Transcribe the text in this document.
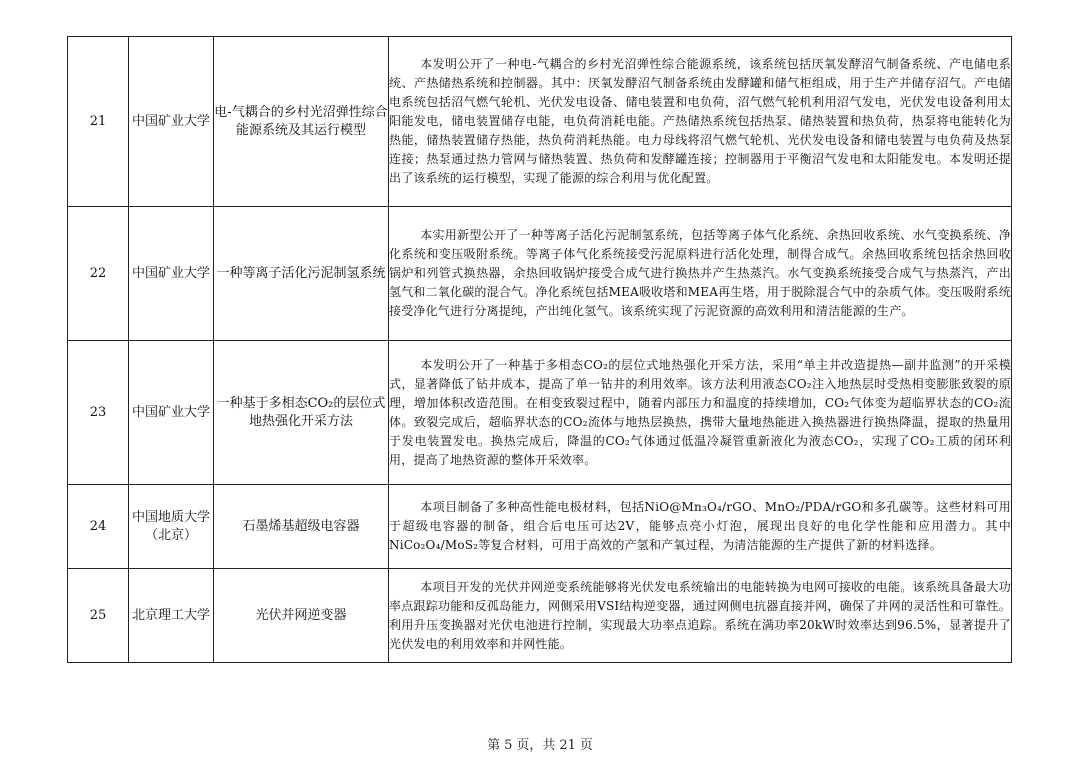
21	中国矿业大学	电-气耦合的乡村光沼弹性综合能源系统及其运行模型	本发明公开了一种电-气耦合的乡村光沼弹性综合能源系统，该系统包括厌氧发酵沼气制备系统、产电储电系统、产热储热系统和控制器。其中：厌氧发酵沼气制备系统由发酵罐和储气柜组成，用于生产并储存沼气。产电储电系统包括沼气燃气轮机、光伏发电设备、储电装置和电负荷，沼气燃气轮机利用沼气发电，光伏发电设备利用太阳能发电，储电装置储存电能，电负荷消耗电能。产热储热系统包括热泵、储热装置和热负荷，热泵将电能转化为热能，储热装置储存热能，热负荷消耗热能。电力母线将沼气燃气轮机、光伏发电设备和储电装置与电负荷及热泵连接；热泵通过热力管网与储热装置、热负荷和发酵罐连接；控制器用于平衡沼气发电和太阳能发电。本发明还提出了该系统的运行模型，实现了能源的综合利用与优化配置。

22	中国矿业大学	一种等离子活化污泥制氢系统	本实用新型公开了一种等离子活化污泥制氢系统，包括等离子体气化系统、余热回收系统、水气变换系统、净化系统和变压吸附系统。等离子体气化系统接受污泥原料进行活化处理，制得合成气。余热回收系统包括余热回收锅炉和列管式换热器，余热回收锅炉接受合成气进行换热并产生热蒸汽。水气变换系统接受合成气与热蒸汽，产出氢气和二氧化碳的混合气。净化系统包括MEA吸收塔和MEA再生塔，用于脱除混合气中的杂质气体。变压吸附系统接受净化气进行分离提纯，产出纯化氢气。该系统实现了污泥资源的高效利用和清洁能源的生产。

23	中国矿业大学	一种基于多相态CO₂的层位式地热强化开采方法	本发明公开了一种基于多相态CO₂的层位式地热强化开采方法，采用“单主井改造提热—副井监测”的开采模式，显著降低了钻井成本，提高了单一钻井的利用效率。该方法利用液态CO₂注入地热层时受热相变膨胀致裂的原理，增加体积改造范围。在相变致裂过程中，随着内部压力和温度的持续增加，CO₂气体变为超临界状态的CO₂流体。致裂完成后，超临界状态的CO₂流体与地热层换热，携带大量地热能进入换热器进行换热降温，提取的热量用于发电装置发电。换热完成后，降温的CO₂气体通过低温冷凝管重新液化为液态CO₂，实现了CO₂工质的闭环利用，提高了地热资源的整体开采效率。

24	中国地质大学（北京）	石墨烯基超级电容器	本项目制备了多种高性能电极材料，包括NiO@Mn₃O₄/rGO、MnO₂/PDA/rGO和多孔碳等。这些材料可用于超级电容器的制备，组合后电压可达2V，能够点亮小灯泡，展现出良好的电化学性能和应用潜力。其中NiCo₂O₄/MoS₂等复合材料，可用于高效的产氢和产氧过程，为清洁能源的生产提供了新的材料选择。

25	北京理工大学	光伏并网逆变器	本项目开发的光伏并网逆变系统能够将光伏发电系统输出的电能转换为电网可接收的电能。该系统具备最大功率点跟踪功能和反孤岛能力，网侧采用VSI结构逆变器，通过网侧电抗器直接并网，确保了并网的灵活性和可靠性。利用升压变换器对光伏电池进行控制，实现最大功率点追踪。系统在满功率20kW时效率达到96.5%，显著提升了光伏发电的利用效率和并网性能。
第 5 页，共 21 页
